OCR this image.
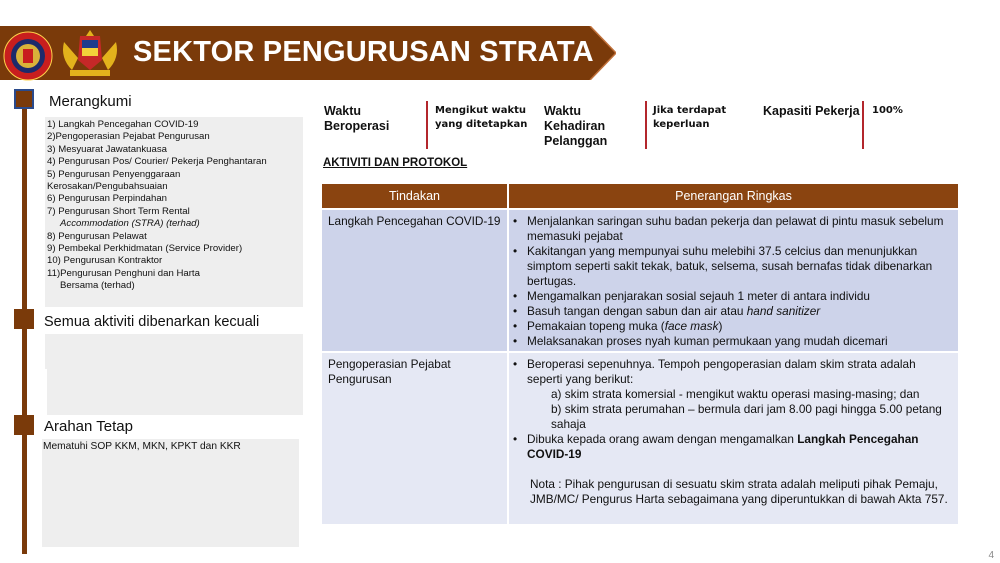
SEKTOR PENGURUSAN STRATA
Merangkumi
1) Langkah Pencegahan COVID-19
2)Pengoperasian Pejabat Pengurusan
3) Mesyuarat Jawatankuasa
4) Pengurusan Pos/ Courier/ Pekerja Penghantaran
5) Pengurusan Penyenggaraan
Kerosakan/Pengubahsuaian
6) Pengurusan Perpindahan
7) Pengurusan Short Term Rental
Accommodation (STRA) (terhad)
8) Pengurusan Pelawat
9) Pembekal Perkhidmatan (Service Provider)
10) Pengurusan Kontraktor
11)Pengurusan Penghuni dan Harta
Bersama (terhad)
Semua aktiviti dibenarkan kecuali
Arahan Tetap
Mematuhi SOP KKM, MKN, KPKT dan KKR
Waktu Beroperasi
Mengikut waktu yang ditetapkan
Waktu Kehadiran Pelanggan
Jika terdapat keperluan
Kapasiti Pekerja 100%
AKTIVITI DAN PROTOKOL
Tindakan	Penerangan Ringkas
Langkah Pencegahan COVID-19
•	Menjalankan saringan suhu badan pekerja dan pelawat di pintu masuk sebelum memasuki pejabat
• Kakitangan yang mempunyai suhu melebihi 37.5 celcius dan menunjukkan simptom seperti sakit tekak, batuk, selsema, susah bernafas tidak dibenarkan bertugas.
• Mengamalkan penjarakan sosial sejauh 1 meter di antara individu
• Basuh tangan dengan sabun dan air atau hand sanitizer
• Pemakaian topeng muka (face mask)
• Melaksanakan proses nyah kuman permukaan yang mudah dicemari
Pengoperasian Pejabat Pengurusan
• Beroperasi sepenuhnya. Tempoh pengoperasian dalam skim strata adalah seperti yang berikut:
a) skim strata komersial - mengikut waktu operasi masing-masing; dan
b) skim strata perumahan – bermula dari jam 8.00 pagi hingga 5.00 petang sahaja
• Dibuka kepada orang awam dengan mengamalkan Langkah Pencegahan COVID-19
Nota : Pihak pengurusan di sesuatu skim strata adalah meliputi pihak Pemaju, JMB/MC/ Pengurus Harta sebagaimana yang diperuntukkan di bawah Akta 757.
4
